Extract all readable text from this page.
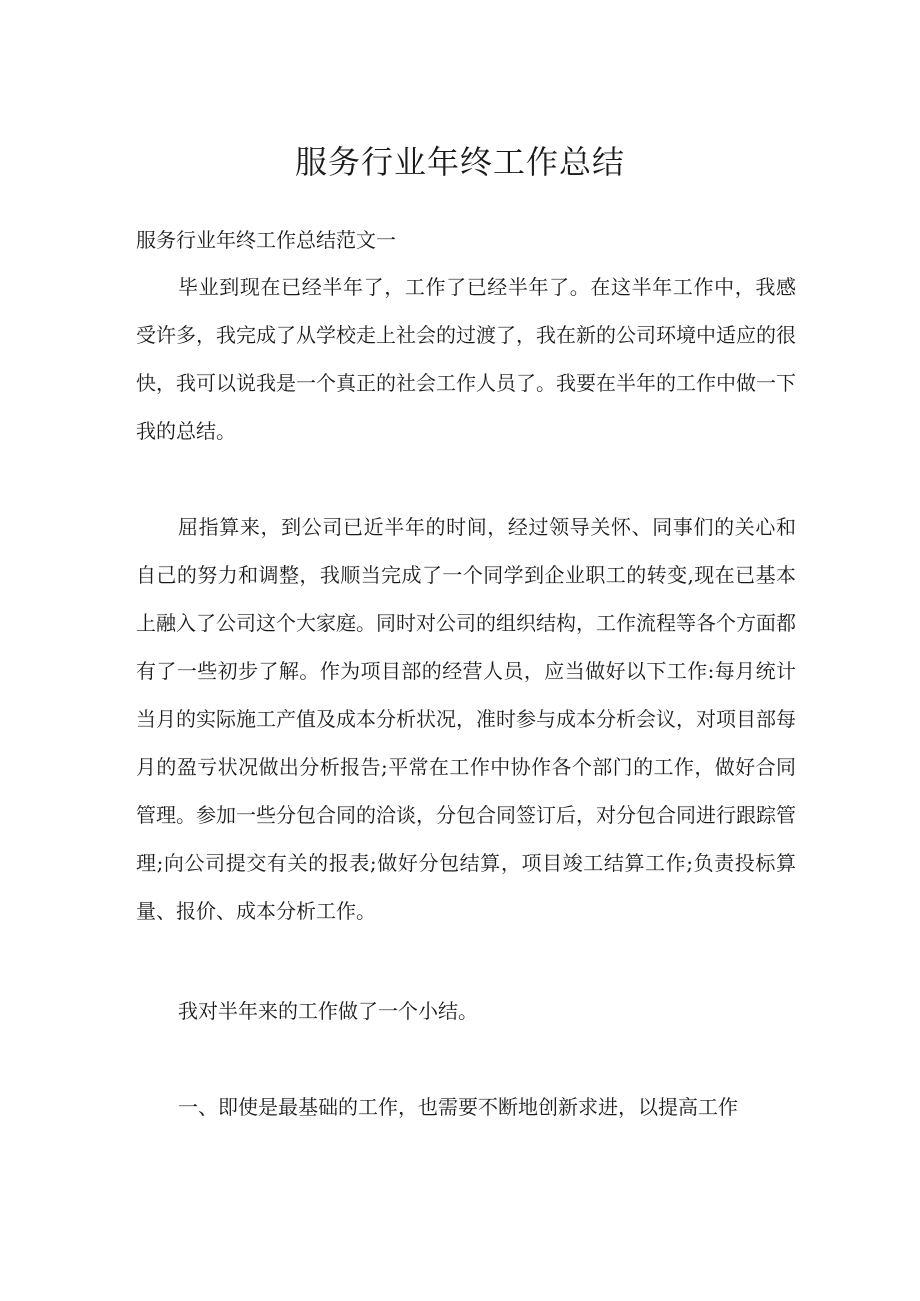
服务行业年终工作总结
服务行业年终工作总结范文一

毕业到现在已经半年了，工作了已经半年了。在这半年工作中，我感受许多，我完成了从学校走上社会的过渡了，我在新的公司环境中适应的很快，我可以说我是一个真正的社会工作人员了。我要在半年的工作中做一下我的总结。

屈指算来，到公司已近半年的时间，经过领导关怀、同事们的关心和自己的努力和调整，我顺当完成了一个同学到企业职工的转变,现在已基本上融入了公司这个大家庭。同时对公司的组织结构，工作流程等各个方面都有了一些初步了解。作为项目部的经营人员，应当做好以下工作:每月统计当月的实际施工产值及成本分析状况，准时参与成本分析会议，对项目部每月的盈亏状况做出分析报告;平常在工作中协作各个部门的工作，做好合同管理。参加一些分包合同的洽谈，分包合同签订后，对分包合同进行跟踪管理;向公司提交有关的报表;做好分包结算，项目竣工结算工作;负责投标算量、报价、成本分析工作。

我对半年来的工作做了一个小结。

一、即使是最基础的工作，也需要不断地创新求进，以提高工作
